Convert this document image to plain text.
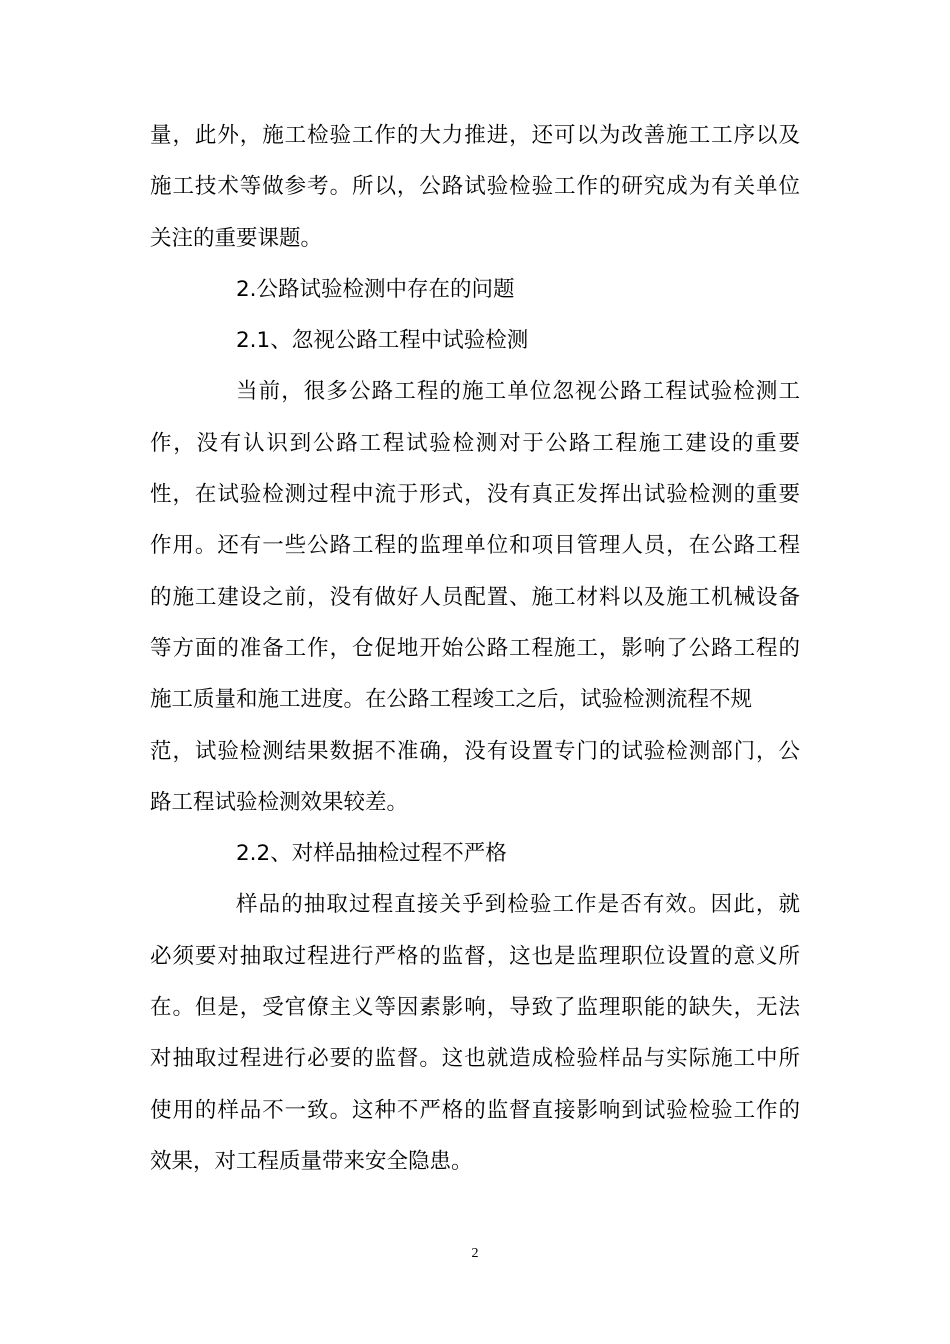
量，此外，施工检验工作的大力推进，还可以为改善施工工序以及
施工技术等做参考。所以，公路试验检验工作的研究成为有关单位
关注的重要课题。
2.公路试验检测中存在的问题
2.1、忽视公路工程中试验检测
当前，很多公路工程的施工单位忽视公路工程试验检测工
作，没有认识到公路工程试验检测对于公路工程施工建设的重要
性，在试验检测过程中流于形式，没有真正发挥出试验检测的重要
作用。还有一些公路工程的监理单位和项目管理人员，在公路工程
的施工建设之前，没有做好人员配置、施工材料以及施工机械设备
等方面的准备工作，仓促地开始公路工程施工，影响了公路工程的
施工质量和施工进度。在公路工程竣工之后，试验检测流程不规
范，试验检测结果数据不准确，没有设置专门的试验检测部门，公
路工程试验检测效果较差。
2.2、对样品抽检过程不严格
样品的抽取过程直接关乎到检验工作是否有效。因此，就
必须要对抽取过程进行严格的监督，这也是监理职位设置的意义所
在。但是，受官僚主义等因素影响，导致了监理职能的缺失，无法
对抽取过程进行必要的监督。这也就造成检验样品与实际施工中所
使用的样品不一致。这种不严格的监督直接影响到试验检验工作的
效果，对工程质量带来安全隐患。
2
